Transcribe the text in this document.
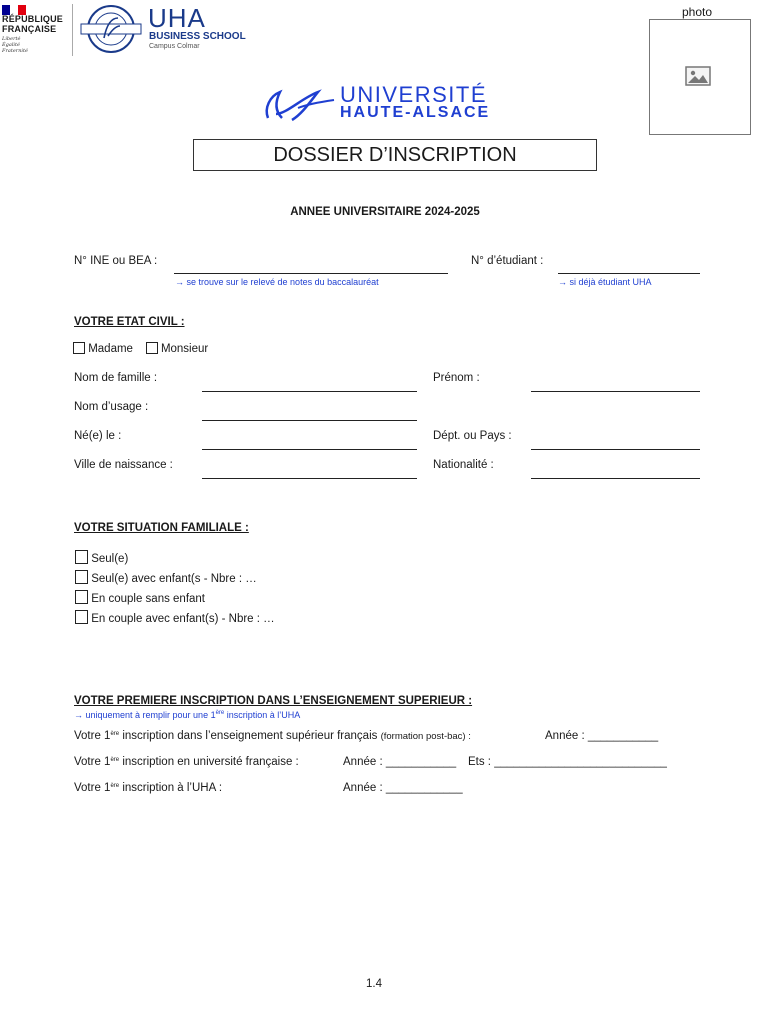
RÉPUBLIQUE
FRANÇAISE
Liberté
Égalité
Fraternité
UHA
BUSINESS SCHOOL
Campus Colmar
photo
UNIVERSITÉ
HAUTE-ALSACE
DOSSIER D’INSCRIPTION
ANNEE UNIVERSITAIRE 2024-2025
N° INE ou BEA :
→ se trouve sur le relevé de notes du baccalauréat
N° d’étudiant :
→ si déjà étudiant UHA
VOTRE ETAT CIVIL :
Madame Monsieur
Nom de famille :	Prénom :
Nom d’usage :
Né(e) le :	Dépt. ou Pays :
Ville de naissance :	Nationalité :
VOTRE SITUATION FAMILIALE :
Seul(e)
Seul(e) avec enfant(s - Nbre : …
En couple sans enfant
En couple avec enfant(s) - Nbre : …
VOTRE PREMIERE INSCRIPTION DANS L’ENSEIGNEMENT SUPERIEUR :
→ uniquement à remplir pour une 1ère inscription à l’UHA
Votre 1ère inscription dans l’enseignement supérieur français (formation post-bac) :	Année : ___________
Votre 1ère inscription en université française :	Année : ___________ Ets : ___________________________
Votre 1ère inscription à l’UHA :	Année : ____________
1.4
